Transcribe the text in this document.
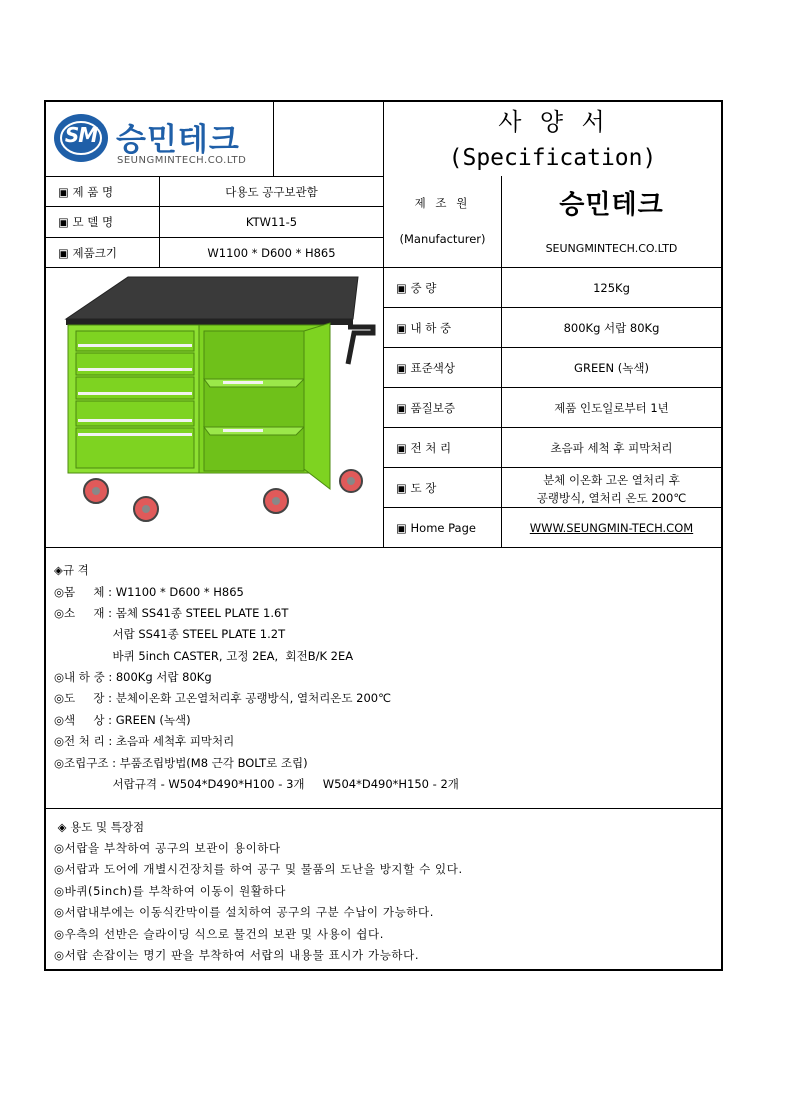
SM 승민테크
SEUNGMINTECH.CO.LTD
사 양 서
(Specification)
▣ 제 품 명	다용도 공구보관함
▣ 모 델 명	KTW11-5
▣ 제품크기	W1100 * D600 * H865
제 조 원
(Manufacturer)
승민테크
SEUNGMINTECH.CO.LTD
▣ 중 량	125Kg
▣ 내 하 중	800Kg 서랍 80Kg
▣ 표준색상	GREEN (녹색)
▣ 품질보증	제품 인도일로부터 1년
▣ 전 처 리	초음파 세척 후 피막처리
▣ 도 장
분체 이온화 고온 열처리 후
공랭방식, 열처리 온도 200℃
▣ Home Page	WWW.SEUNGMIN-TECH.COM
◈규 격
◎몸     체 : W1100 * D600 * H865
◎소     재 : 몸체 SS41종 STEEL PLATE 1.6T
서랍 SS41종 STEEL PLATE 1.2T
바퀴 5inch CASTER, 고정 2EA,  회전B/K 2EA
◎내 하 중 : 800Kg 서랍 80Kg
◎도     장 : 분체이온화 고온열처리후 공랭방식, 열처리온도 200℃
◎색     상 : GREEN (녹색)
◎전 처 리 : 초음파 세척후 피막처리
◎조립구조 : 부품조립방법(M8 근각 BOLT로 조립)
서랍규격 - W504*D490*H100 - 3개     W504*D490*H150 - 2개
◈ 용도 및 특장점
◎서랍을 부착하여 공구의 보관이 용이하다
◎서랍과 도어에 개별시건장치를 하여 공구 및 물품의 도난을 방지할 수 있다.
◎바퀴(5inch)를 부착하여 이동이 원활하다
◎서랍내부에는 이동식칸막이를 설치하여 공구의 구분 수납이 가능하다.
◎우측의 선반은 슬라이딩 식으로 물건의 보관 및 사용이 쉽다.
◎서랍 손잡이는 명기 판을 부착하여 서랍의 내용물 표시가 가능하다.
